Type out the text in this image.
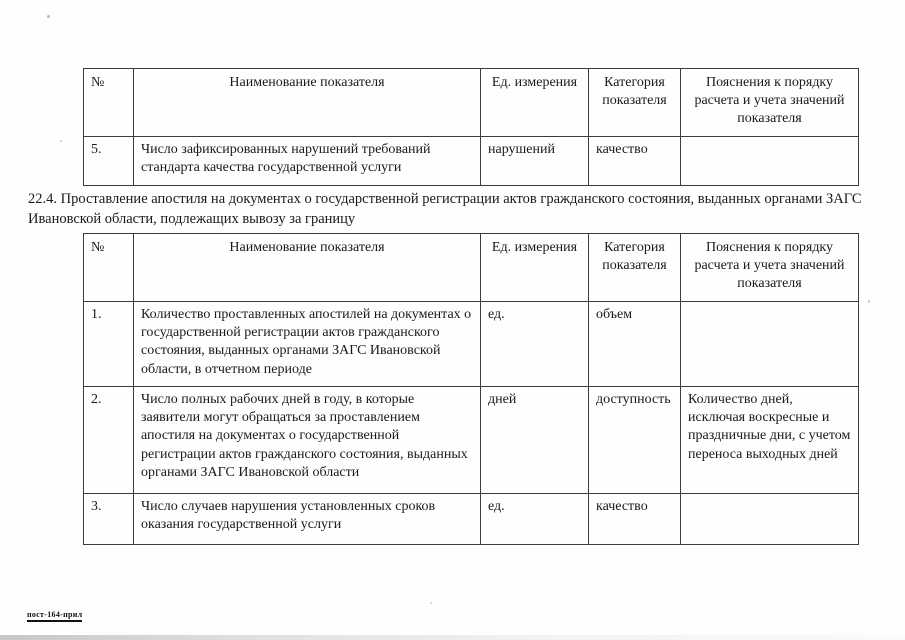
№	Наименование показателя	Ед. измерения	Категория показателя	Пояснения к порядку расчета и учета значений показателя
5.	Число зафиксированных нарушений требований стандарта качества государственной услуги	нарушений	качество	
22.4. Проставление апостиля на документах о государственной регистрации актов гражданского состояния, выданных органами ЗАГС Ивановской области, подлежащих вывозу за границу
№	Наименование показателя	Ед. измерения	Категория показателя	Пояснения к порядку расчета и учета значений показателя
1.	Количество проставленных апостилей на документах о государственной регистрации актов гражданского состояния, выданных органами ЗАГС Ивановской области, в отчетном периоде	ед.	объем	
2.	Число полных рабочих дней в году, в которые заявители могут обращаться за проставлением апостиля на документах о государственной регистрации актов гражданского состояния, выданных органами ЗАГС Ивановской области	дней	доступность	Количество дней, исключая воскресные и праздничные дни, с учетом переноса выходных дней
3.	Число случаев нарушения установленных сроков оказания государственной услуги	ед.	качество	
пост-164-прил
